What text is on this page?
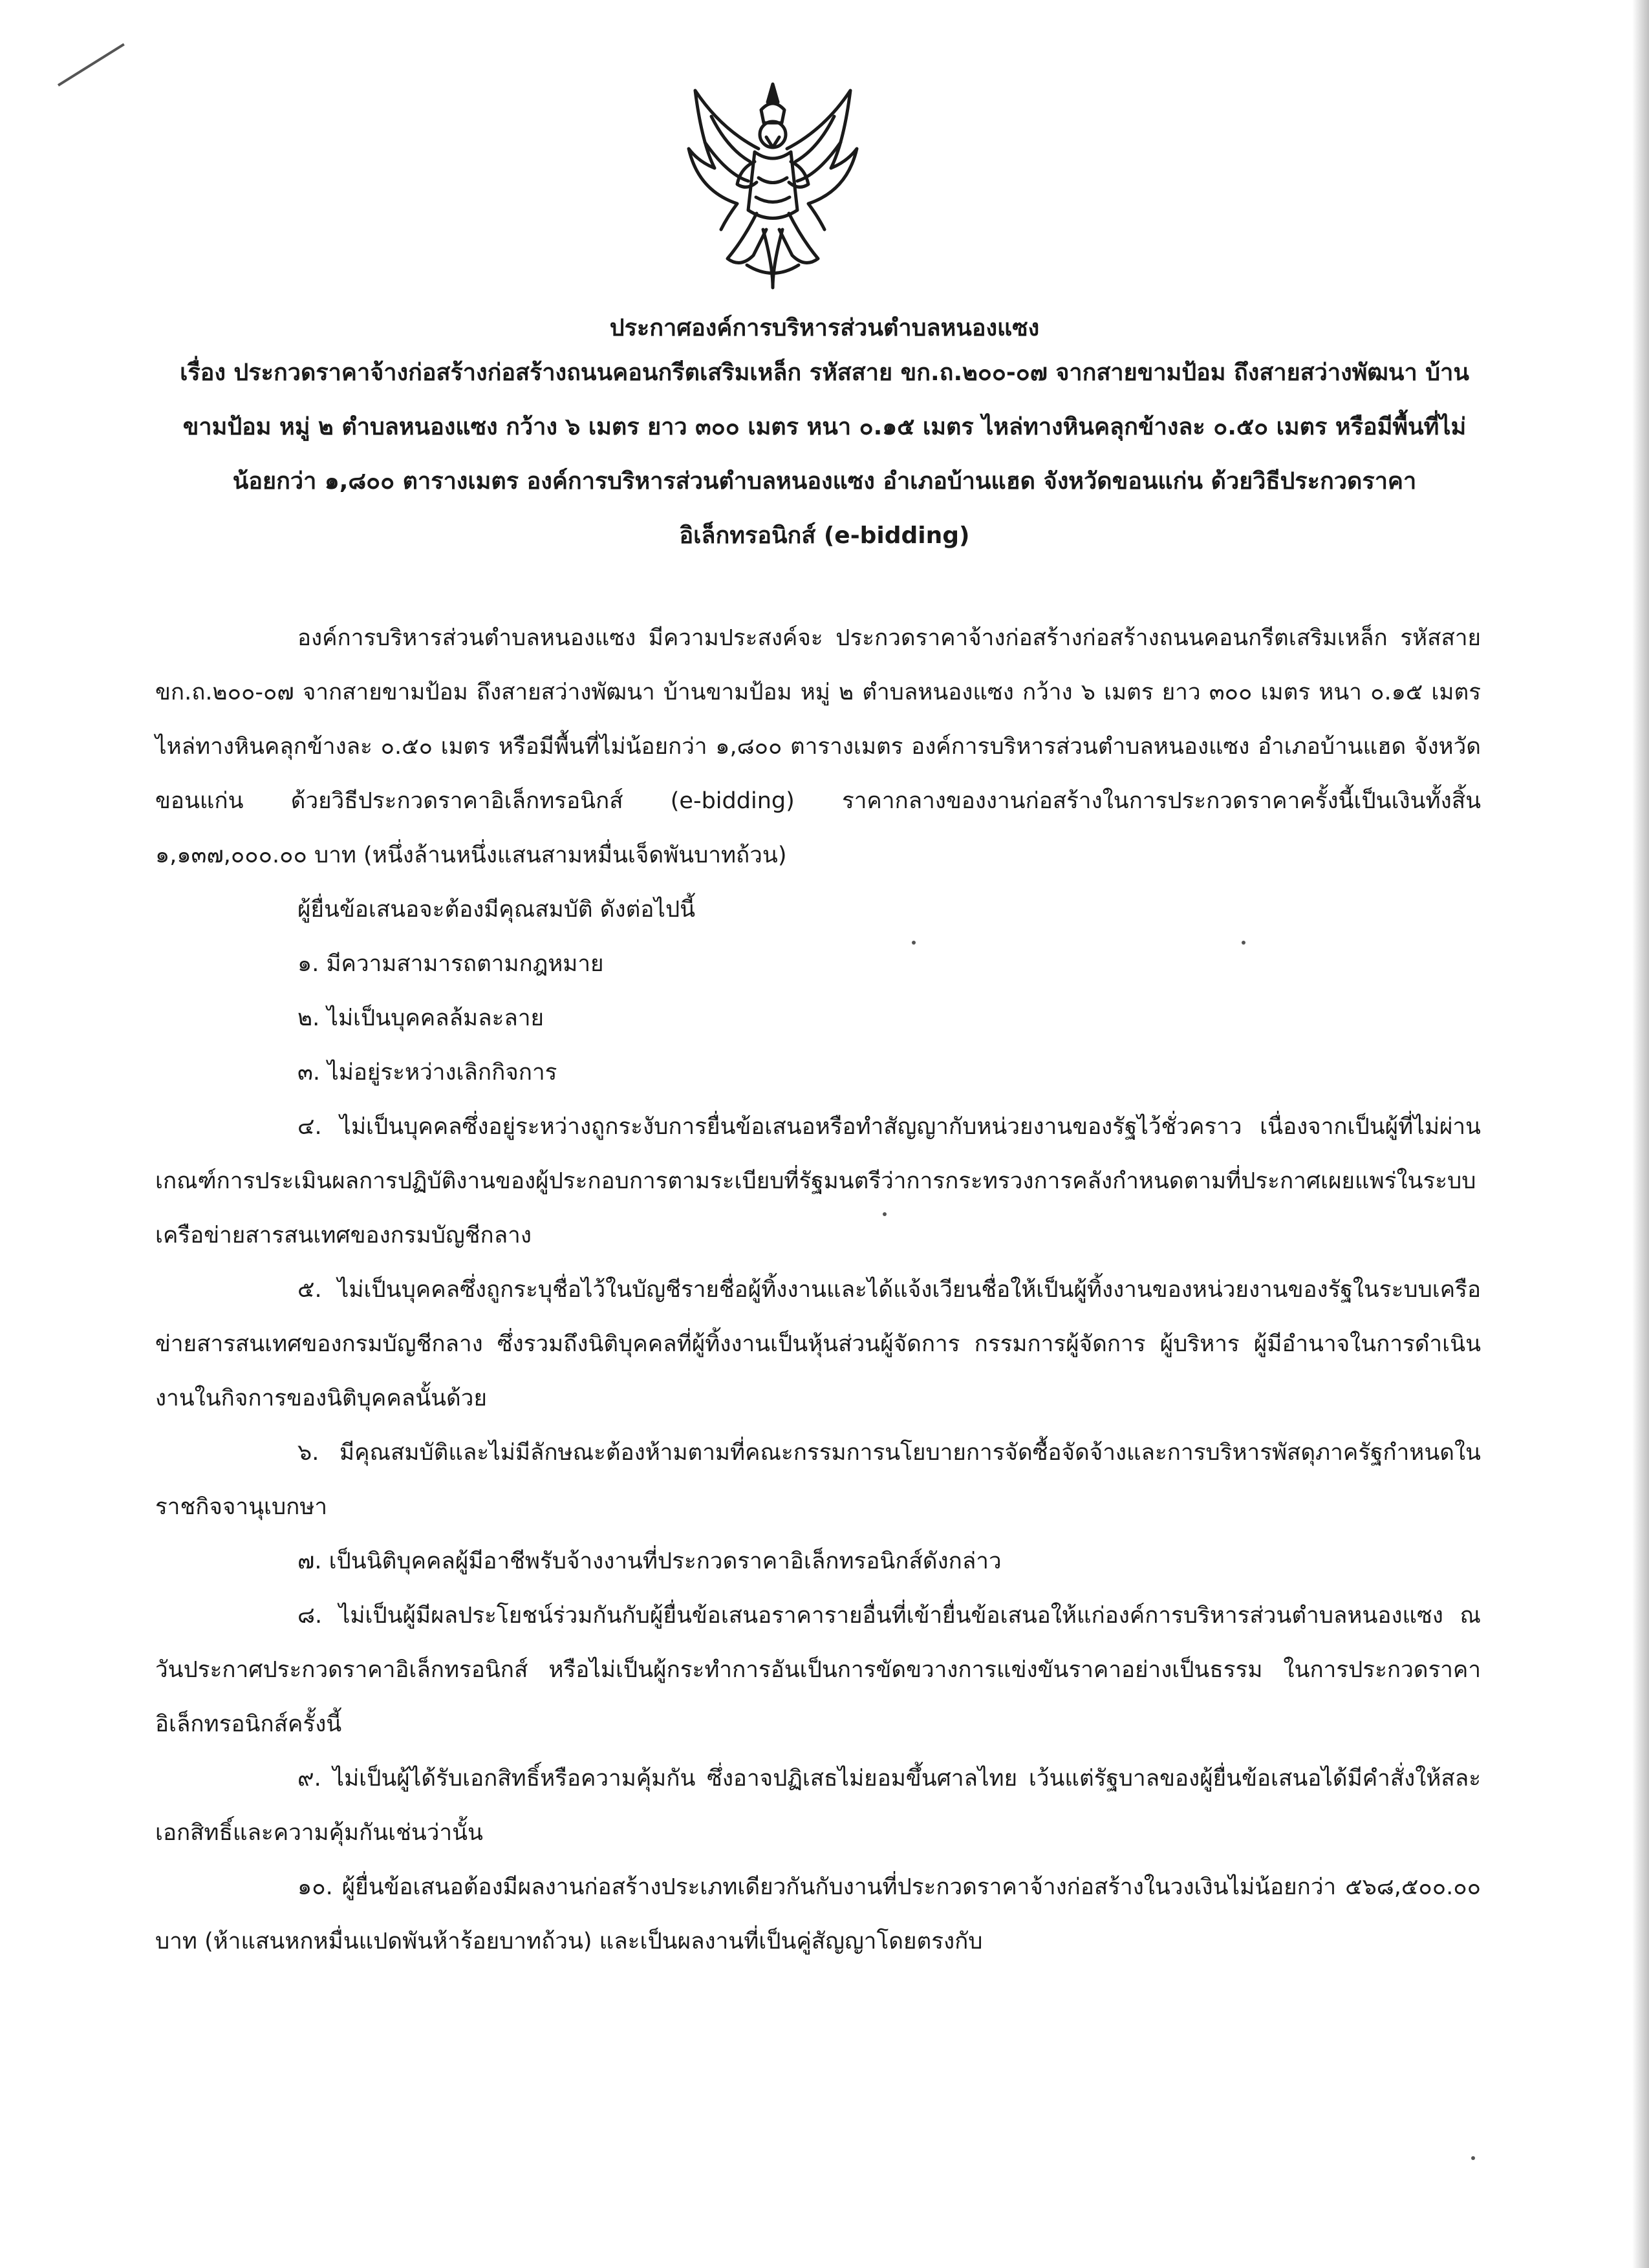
ประกาศองค์การบริหารส่วนตำบลหนองแซง
เรื่อง ประกวดราคาจ้างก่อสร้างก่อสร้างถนนคอนกรีตเสริมเหล็ก รหัสสาย ขก.ถ.๒๐๐-๐๗ จากสายขามป้อม ถึงสายสว่างพัฒนา บ้านขามป้อม หมู่ ๒ ตำบลหนองแซง กว้าง ๖ เมตร ยาว ๓๐๐ เมตร หนา ๐.๑๕ เมตร ไหล่ทางหินคลุกข้างละ ๐.๕๐ เมตร หรือมีพื้นที่ไม่น้อยกว่า ๑,๘๐๐ ตารางเมตร องค์การบริหารส่วนตำบลหนองแซง อำเภอบ้านแฮด จังหวัดขอนแก่น ด้วยวิธีประกวดราคาอิเล็กทรอนิกส์ (e-bidding)

องค์การบริหารส่วนตำบลหนองแซง มีความประสงค์จะ ประกวดราคาจ้างก่อสร้างก่อสร้างถนนคอนกรีตเสริมเหล็ก รหัสสาย ขก.ถ.๒๐๐-๐๗ จากสายขามป้อม ถึงสายสว่างพัฒนา บ้านขามป้อม หมู่ ๒ ตำบลหนองแซง กว้าง ๖ เมตร ยาว ๓๐๐ เมตร หนา ๐.๑๕ เมตร ไหล่ทางหินคลุกข้างละ ๐.๕๐ เมตร หรือมีพื้นที่ไม่น้อยกว่า ๑,๘๐๐ ตารางเมตร องค์การบริหารส่วนตำบลหนองแซง อำเภอบ้านแฮด จังหวัดขอนแก่น ด้วยวิธีประกวดราคาอิเล็กทรอนิกส์ (e-bidding) ราคากลางของงานก่อสร้างในการประกวดราคาครั้งนี้เป็นเงินทั้งสิ้น ๑,๑๓๗,๐๐๐.๐๐ บาท (หนึ่งล้านหนึ่งแสนสามหมื่นเจ็ดพันบาทถ้วน)

ผู้ยื่นข้อเสนอจะต้องมีคุณสมบัติ ดังต่อไปนี้

๑. มีความสามารถตามกฎหมาย

๒. ไม่เป็นบุคคลล้มละลาย

๓. ไม่อยู่ระหว่างเลิกกิจการ

๔. ไม่เป็นบุคคลซึ่งอยู่ระหว่างถูกระงับการยื่นข้อเสนอหรือทำสัญญากับหน่วยงานของรัฐไว้ชั่วคราว เนื่องจากเป็นผู้ที่ไม่ผ่านเกณฑ์การประเมินผลการปฏิบัติงานของผู้ประกอบการตามระเบียบที่รัฐมนตรีว่าการกระทรวงการคลังกำหนดตามที่ประกาศเผยแพร่ในระบบเครือข่ายสารสนเทศของกรมบัญชีกลาง

๕. ไม่เป็นบุคคลซึ่งถูกระบุชื่อไว้ในบัญชีรายชื่อผู้ทิ้งงานและได้แจ้งเวียนชื่อให้เป็นผู้ทิ้งงานของหน่วยงานของรัฐในระบบเครือข่ายสารสนเทศของกรมบัญชีกลาง ซึ่งรวมถึงนิติบุคคลที่ผู้ทิ้งงานเป็นหุ้นส่วนผู้จัดการ กรรมการผู้จัดการ ผู้บริหาร ผู้มีอำนาจในการดำเนินงานในกิจการของนิติบุคคลนั้นด้วย

๖. มีคุณสมบัติและไม่มีลักษณะต้องห้ามตามที่คณะกรรมการนโยบายการจัดซื้อจัดจ้างและการบริหารพัสดุภาครัฐกำหนดในราชกิจจานุเบกษา

๗. เป็นนิติบุคคลผู้มีอาชีพรับจ้างงานที่ประกวดราคาอิเล็กทรอนิกส์ดังกล่าว

๘. ไม่เป็นผู้มีผลประโยชน์ร่วมกันกับผู้ยื่นข้อเสนอราคารายอื่นที่เข้ายื่นข้อเสนอให้แก่องค์การบริหารส่วนตำบลหนองแซง ณ วันประกาศประกวดราคาอิเล็กทรอนิกส์ หรือไม่เป็นผู้กระทำการอันเป็นการขัดขวางการแข่งขันราคาอย่างเป็นธรรม ในการประกวดราคาอิเล็กทรอนิกส์ครั้งนี้

๙. ไม่เป็นผู้ได้รับเอกสิทธิ์หรือความคุ้มกัน ซึ่งอาจปฏิเสธไม่ยอมขึ้นศาลไทย เว้นแต่รัฐบาลของผู้ยื่นข้อเสนอได้มีคำสั่งให้สละเอกสิทธิ์และความคุ้มกันเช่นว่านั้น

๑๐. ผู้ยื่นข้อเสนอต้องมีผลงานก่อสร้างประเภทเดียวกันกับงานที่ประกวดราคาจ้างก่อสร้างในวงเงินไม่น้อยกว่า ๕๖๘,๕๐๐.๐๐ บาท (ห้าแสนหกหมื่นแปดพันห้าร้อยบาทถ้วน) และเป็นผลงานที่เป็นคู่สัญญาโดยตรงกับ
